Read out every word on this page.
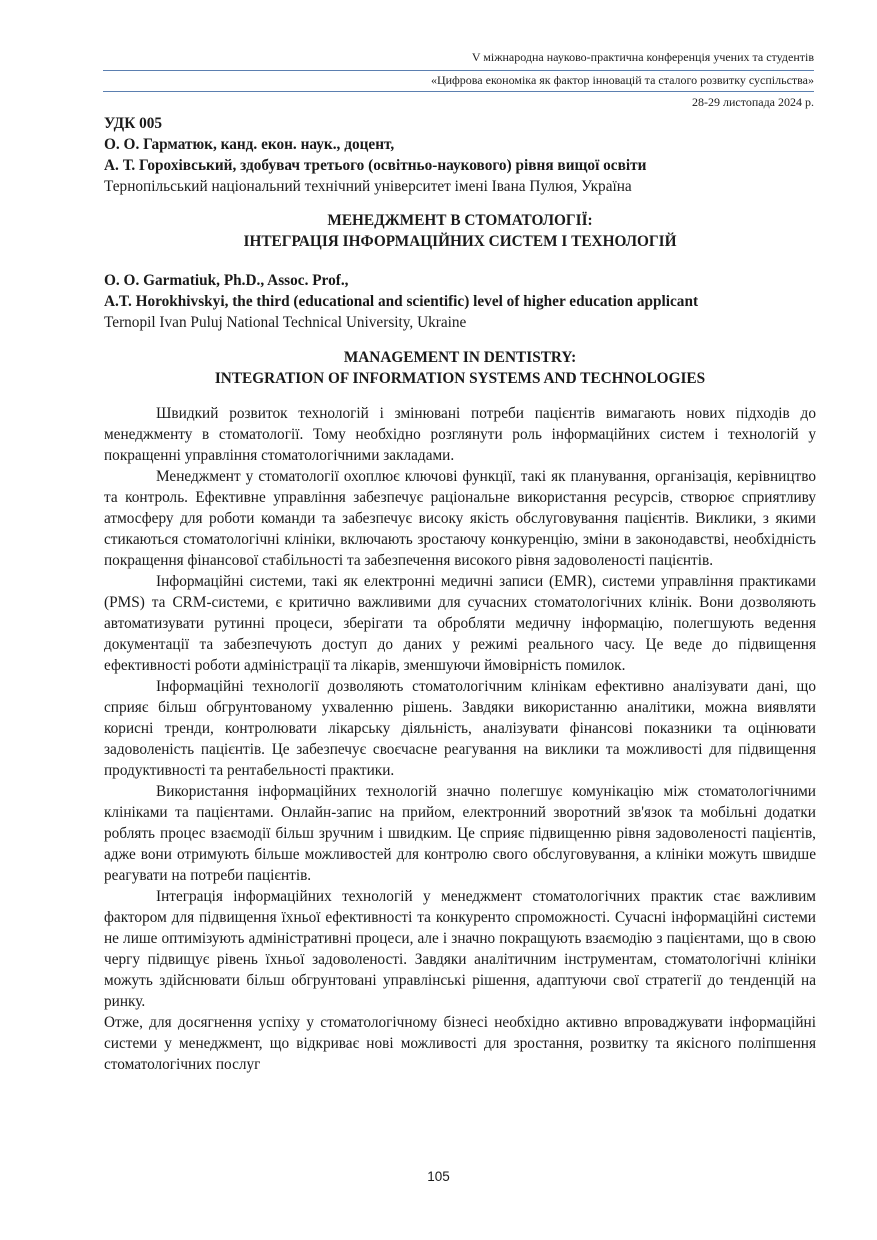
V міжнародна науково-практична конференція учених та студентів
«Цифрова економіка як фактор інновацій та сталого розвитку суспільства»
28-29 листопада 2024 р.
УДК 005
О. О. Гарматюк, канд. екон. наук., доцент,
А. Т. Горохівський, здобувач третього (освітньо-наукового) рівня вищої освіти
Тернопільський національний технічний університет імені Івана Пулюя, Україна
МЕНЕДЖМЕНТ В СТОМАТОЛОГІЇ:
ІНТЕГРАЦІЯ ІНФОРМАЦІЙНИХ СИСТЕМ І ТЕХНОЛОГІЙ
O. O. Garmatiuk, Ph.D., Assoc. Prof.,
A.T. Horokhivskyi, the third (educational and scientific) level of higher education applicant
Ternopil Ivan Puluj National Technical University, Ukraine
MANAGEMENT IN DENTISTRY:
INTEGRATION OF INFORMATION SYSTEMS AND TECHNOLOGIES

Швидкий розвиток технологій і змінювані потреби пацієнтів вимагають нових підходів до менеджменту в стоматології. Тому необхідно розглянути роль інформаційних систем і технологій у покращенні управління стоматологічними закладами.

Менеджмент у стоматології охоплює ключові функції, такі як планування, організація, керівництво та контроль. Ефективне управління забезпечує раціональне використання ресурсів, створює сприятливу атмосферу для роботи команди та забезпечує високу якість обслуговування пацієнтів. Виклики, з якими стикаються стоматологічні клініки, включають зростаючу конкуренцію, зміни в законодавстві, необхідність покращення фінансової стабільності та забезпечення високого рівня задоволеності пацієнтів.

Інформаційні системи, такі як електронні медичні записи (EMR), системи управління практиками (PMS) та CRM-системи, є критично важливими для сучасних стоматологічних клінік. Вони дозволяють автоматизувати рутинні процеси, зберігати та обробляти медичну інформацію, полегшують ведення документації та забезпечують доступ до даних у режимі реального часу. Це веде до підвищення ефективності роботи адміністрації та лікарів, зменшуючи ймовірність помилок.

Інформаційні технології дозволяють стоматологічним клінікам ефективно аналізувати дані, що сприяє більш обгрунтованому ухваленню рішень. Завдяки використанню аналітики, можна виявляти корисні тренди, контролювати лікарську діяльність, аналізувати фінансові показники та оцінювати задоволеність пацієнтів. Це забезпечує своєчасне реагування на виклики та можливості для підвищення продуктивності та рентабельності практики.

Використання інформаційних технологій значно полегшує комунікацію між стоматологічними клініками та пацієнтами. Онлайн-запис на прийом, електронний зворотний зв'язок та мобільні додатки роблять процес взаємодії більш зручним і швидким. Це сприяє підвищенню рівня задоволеності пацієнтів, адже вони отримують більше можливостей для контролю свого обслуговування, а клініки можуть швидше реагувати на потреби пацієнтів.

Інтеграція інформаційних технологій у менеджмент стоматологічних практик стає важливим фактором для підвищення їхньої ефективності та конкуренто спроможності. Сучасні інформаційні системи не лише оптимізують адміністративні процеси, але і значно покращують взаємодію з пацієнтами, що в свою чергу підвищує рівень їхньої задоволеності. Завдяки аналітичним інструментам, стоматологічні клініки можуть здійснювати більш обгрунтовані управлінські рішення, адаптуючи свої стратегії до тенденцій на ринку.

Отже, для досягнення успіху у стоматологічному бізнесі необхідно активно впроваджувати інформаційні системи у менеджмент, що відкриває нові можливості для зростання, розвитку та якісного поліпшення стоматологічних послуг

105
